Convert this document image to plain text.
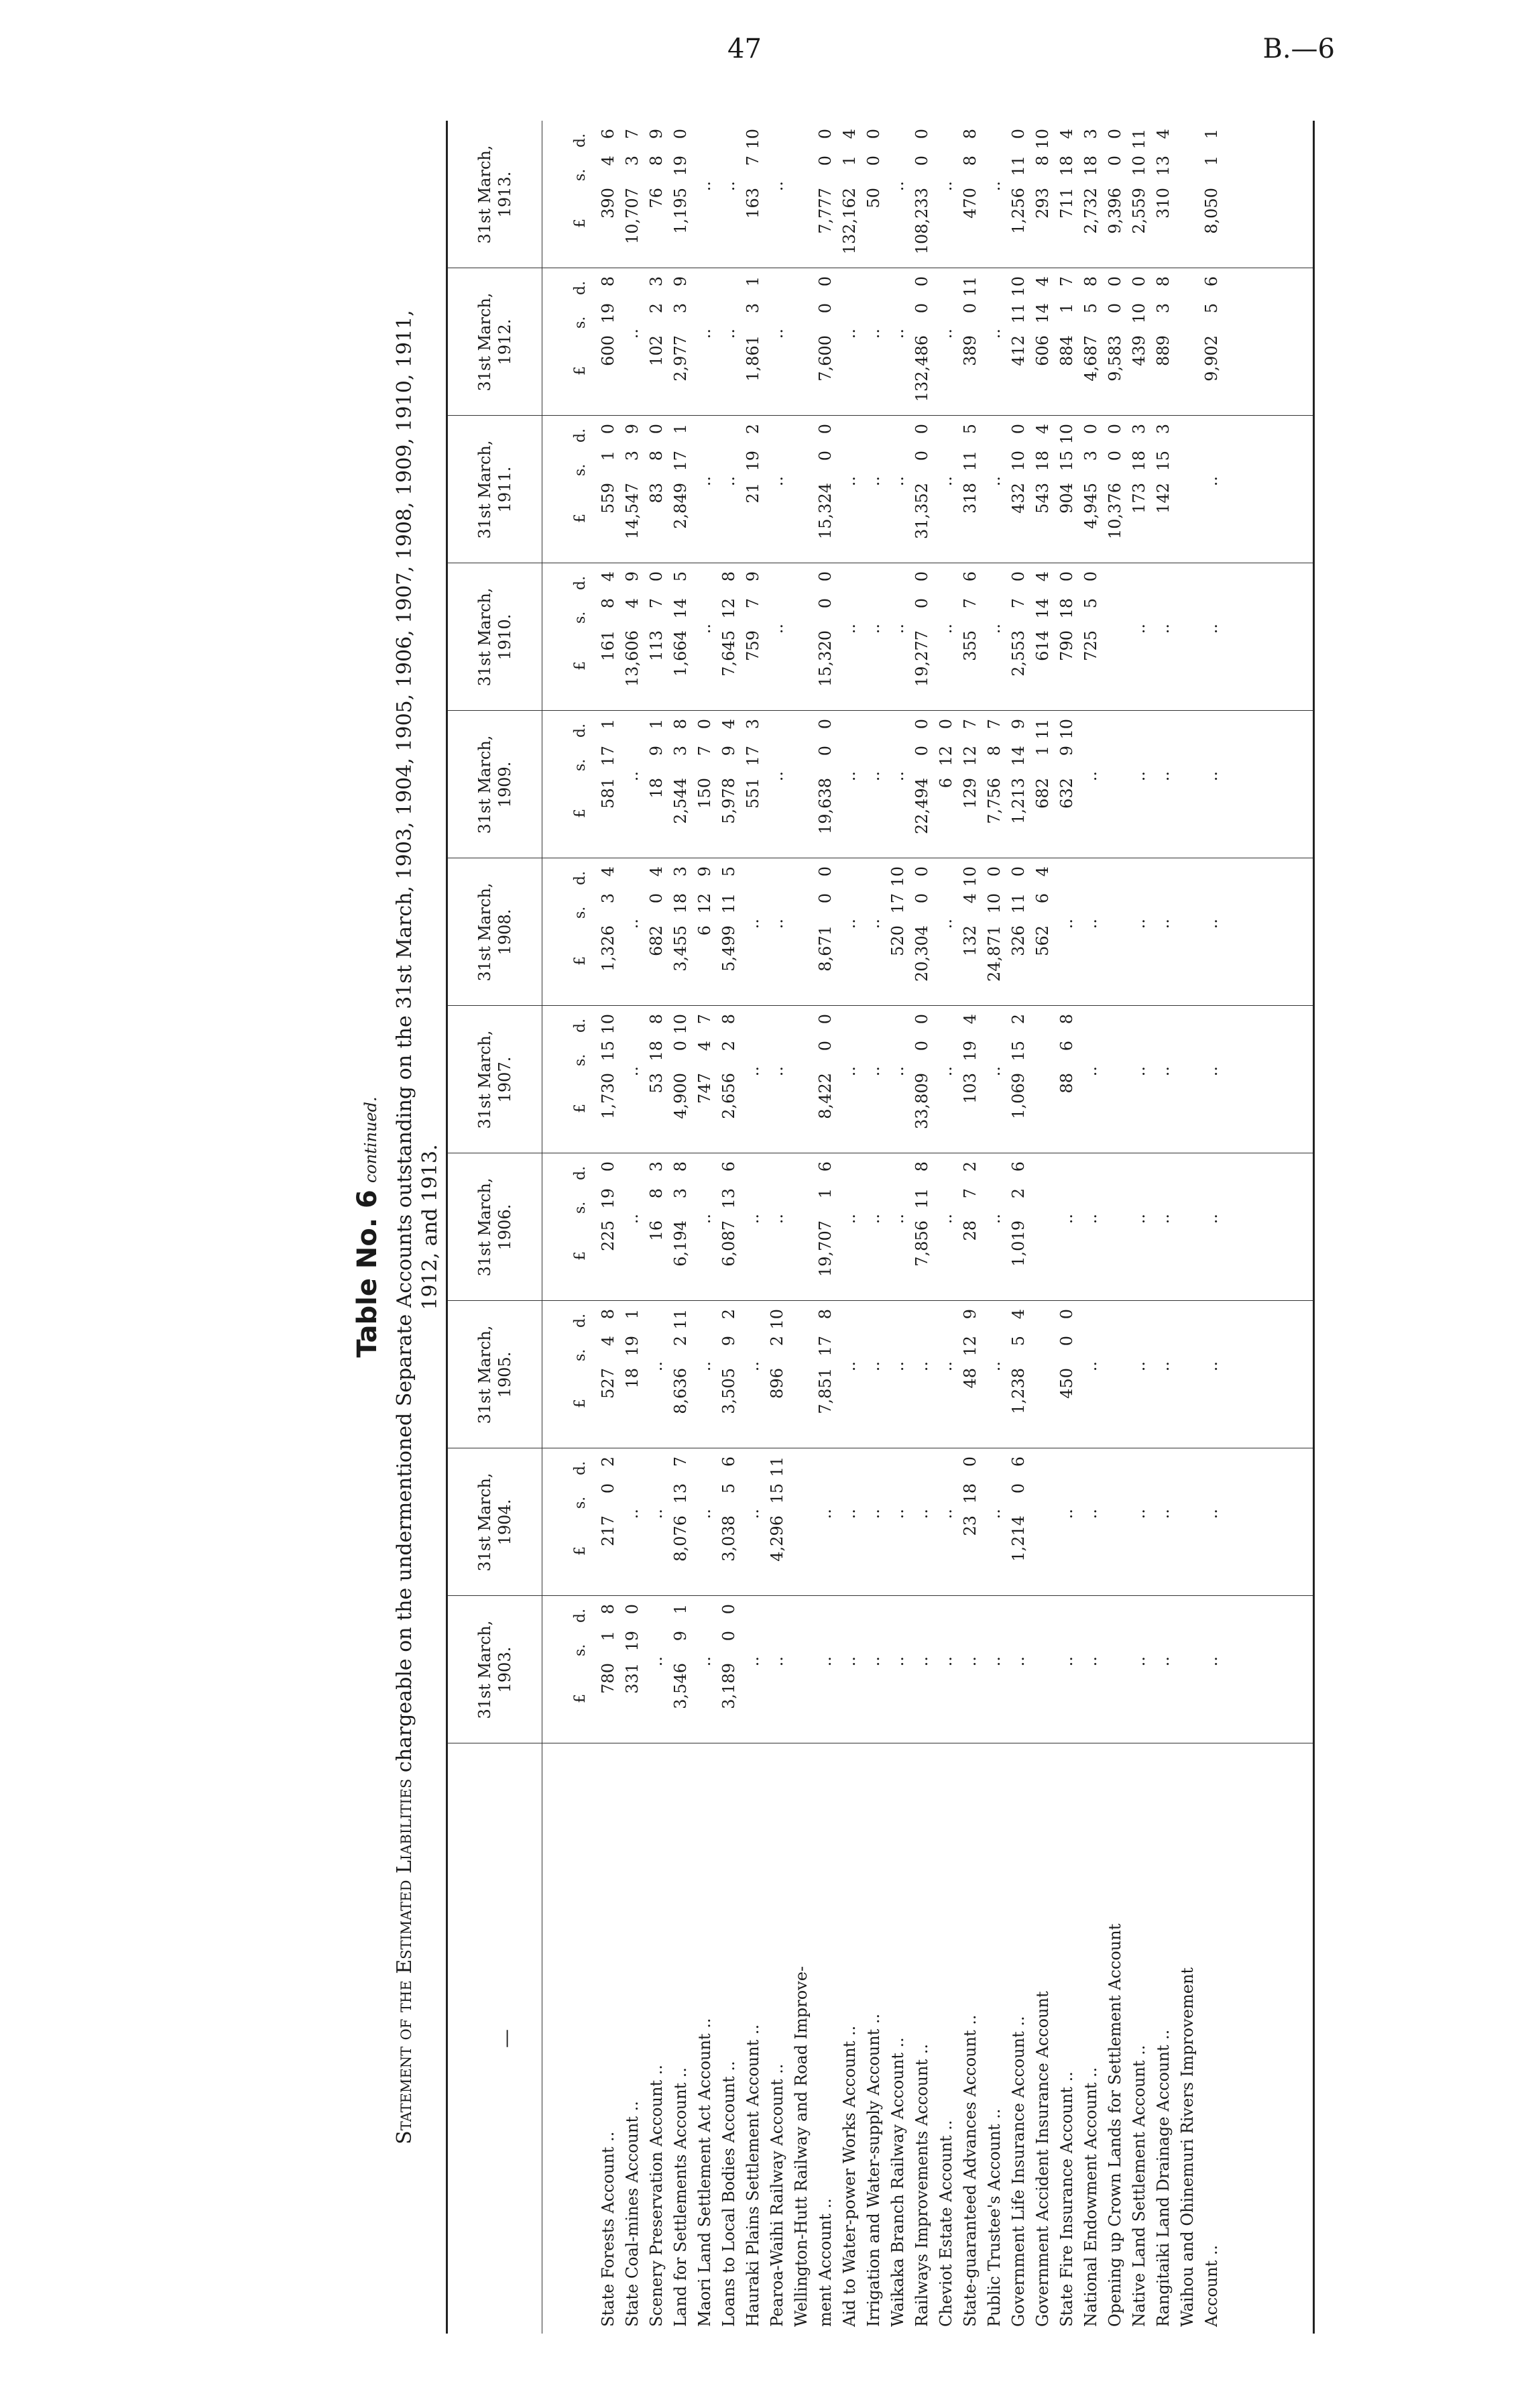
47	B.—6
Table No. 6continued.
Statement of the Estimated Liabilities chargeable on the undermentioned Separate Accounts outstanding on the 31st March, 1903, 1904, 1905, 1906, 1907, 1908, 1909, 1910, 1911, 1912, and 1913.
—
State Forests Account .. State Coal-mines Account .. Scenery Preservation Account .. Land for Settlements Account .. Maori Land Settlement Act Account .. Loans to Local Bodies Account .. Hauraki Plains Settlement Account .. Pearoa-Waihi Railway Account .. Wellington-Hutt Railway and Road Improve- ment Account .. Aid to Water-power Works Account .. Irrigation and Water-supply Account .. Waikaka Branch Railway Account .. Railways Improvements Account .. Cheviot Estate Account .. State-guaranteed Advances Account .. Public Trustee's Account .. Government Life Insurance Account .. Government Accident Insurance Account State Fire Insurance Account .. National Endowment Account .. Opening up Crown Lands for Settlement Account Native Land Settlement Account .. Rangitaiki Land Drainage Account .. Waihou and Ohinemuri Rivers Improvement Account ..
31st March,
1903.
£
s.
d.
780
1
8
331
19
0
..
3,546
9
1
..
3,189
0
0
.. .. .. .. .. .. .. .. .. .. .. .. .. .. .. ..
31st March,
1904.
£
s.
d.
217
0
2
.. ..
8,076
13
7
..
3,038
5
6
..
4,296
15
11
.. .. .. .. .. ..
23
18
0
..
1,214
0
6
.. .. .. .. ..
31st March,
1905.
£
s.
d.
527
4
8
18
19
1
..
8,636
2
11
..
3,505
9
2
..
896
2
10
7,851
17
8
.. .. .. .. ..
48
12
9
..
1,238
5
4
450
0
0
.. .. .. ..
31st March,
1906.
£
s.
d.
225
19
0
..
16
8
3
6,194
3
8
..
6,087
13
6
.. ..
19,707
1
6
.. .. ..
7,856
11
8
..
28
7
2
..
1,019
2
6
.. .. .. .. ..
31st March,
1907.
£
s.
d.
1,730
15
10
..
53
18
8
4,900
0
10
747
4
7
2,656
2
8
.. ..
8,422
0
0
.. .. ..
33,809
0
0
..
103
19
4
..
1,069
15
2
88
6
8
.. .. .. ..
31st March,
1908.
£
s.
d.
1,326
3
4
..
682
0
4
3,455
18
3
6
12
9
5,499
11
5
.. ..
8,671
0
0
.. ..
520
17
10
20,304
0
0
..
132
4
10
24,871
10
0
326
11
0
562
6
4
.. .. .. .. ..
31st March,
1909.
£
s.
d.
581
17
1
..
18
9
1
2,544
3
8
150
7
0
5,978
9
4
551
17
3
..
19,638
0
0
.. .. ..
22,494
0
0
6
12
0
129
12
7
7,756
8
7
1,213
14
9
682
1
11
632
9
10
.. .. .. ..
31st March,
1910.
£
s.
d.
161
8
4
13,606
4
9
113
7
0
1,664
14
5
..
7,645
12
8
759
7
9
..
15,320
0
0
.. .. ..
19,277
0
0
..
355
7
6
..
2,553
7
0
614
14
4
790
18
0
725
5
0
.. .. ..
31st March,
1911.
£
s.
d.
559
1
0
14,547
3
9
83
8
0
2,849
17
1
.. ..
21
19
2
..
15,324
0
0
.. .. ..
31,352
0
0
..
318
11
5
..
432
10
0
543
18
4
904
15
10
4,945
3
0
10,376
0
0
173
18
3
142
15
3
..
31st March,
1912.
£
s.
d.
600
19
8
..
102
2
3
2,977
3
9
.. ..
1,861
3
1
..
7,600
0
0
.. .. ..
132,486
0
0
..
389
0
11
..
412
11
10
606
14
4
884
1
7
4,687
5
8
9,583
0
0
439
10
0
889
3
8
9,902
5
6
31st March,
1913.
£
s.
d.
390
4
6
10,707
3
7
76
8
9
1,195
19
0
.. ..
163
7
10
..
7,777
0
0
132,162
1
4
50
0
0
..
108,233
0
0
..
470
8
8
..
1,256
11
0
293
8
10
711
18
4
2,732
18
3
9,396
0
0
2,559
10
11
310
13
4
8,050
1
1
